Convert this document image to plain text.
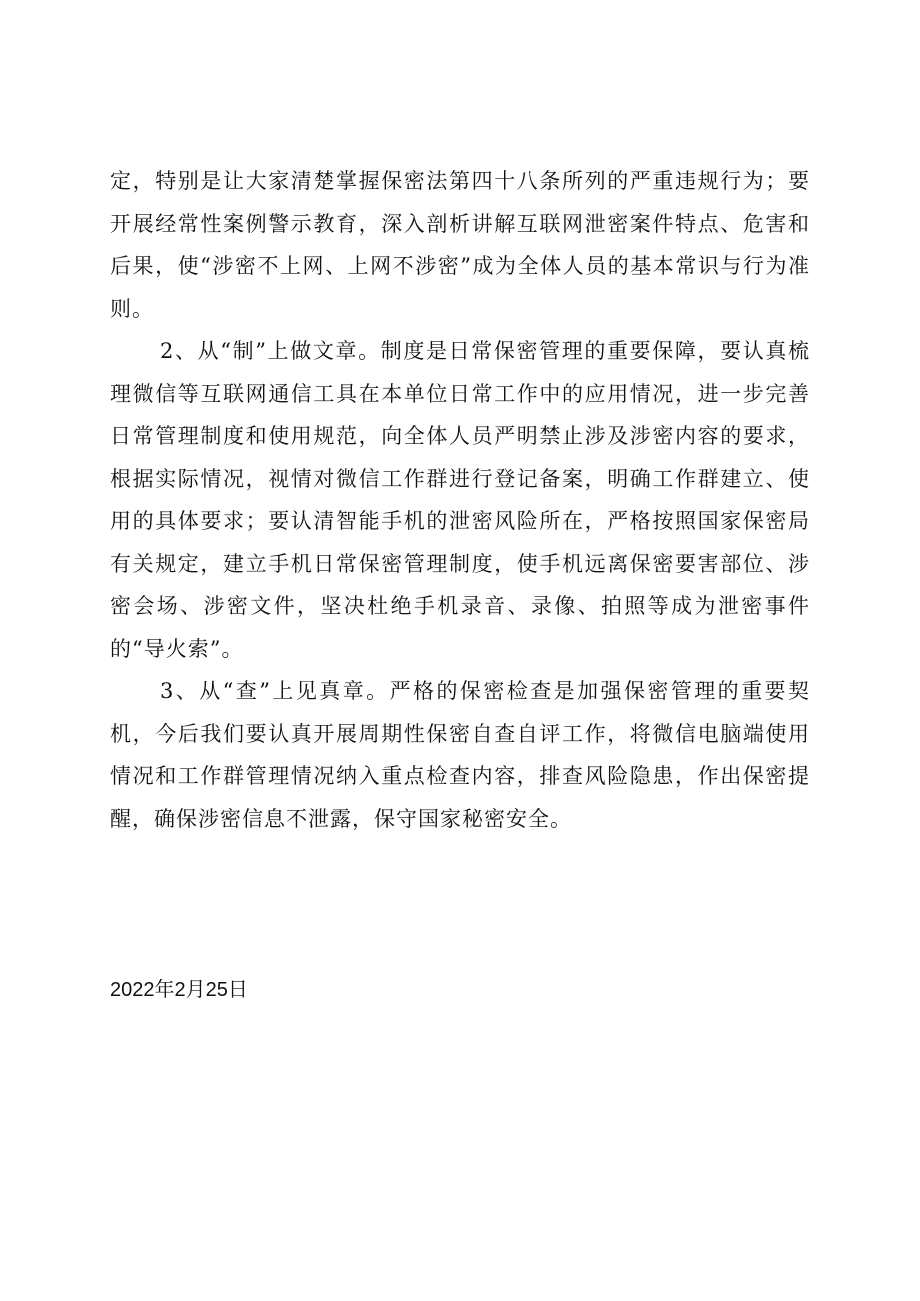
定，特别是让大家清楚掌握保密法第四十八条所列的严重违规行为；要开展经常性案例警示教育，深入剖析讲解互联网泄密案件特点、危害和后果，使“涉密不上网、上网不涉密”成为全体人员的基本常识与行为准则。

2、从“制”上做文章。制度是日常保密管理的重要保障，要认真梳理微信等互联网通信工具在本单位日常工作中的应用情况，进一步完善日常管理制度和使用规范，向全体人员严明禁止涉及涉密内容的要求，根据实际情况，视情对微信工作群进行登记备案，明确工作群建立、使用的具体要求；要认清智能手机的泄密风险所在，严格按照国家保密局有关规定，建立手机日常保密管理制度，使手机远离保密要害部位、涉密会场、涉密文件，坚决杜绝手机录音、录像、拍照等成为泄密事件的“导火索”。

3、从“查”上见真章。严格的保密检查是加强保密管理的重要契机，今后我们要认真开展周期性保密自查自评工作，将微信电脑端使用情况和工作群管理情况纳入重点检查内容，排查风险隐患，作出保密提醒，确保涉密信息不泄露，保守国家秘密安全。

2022年2月25日
